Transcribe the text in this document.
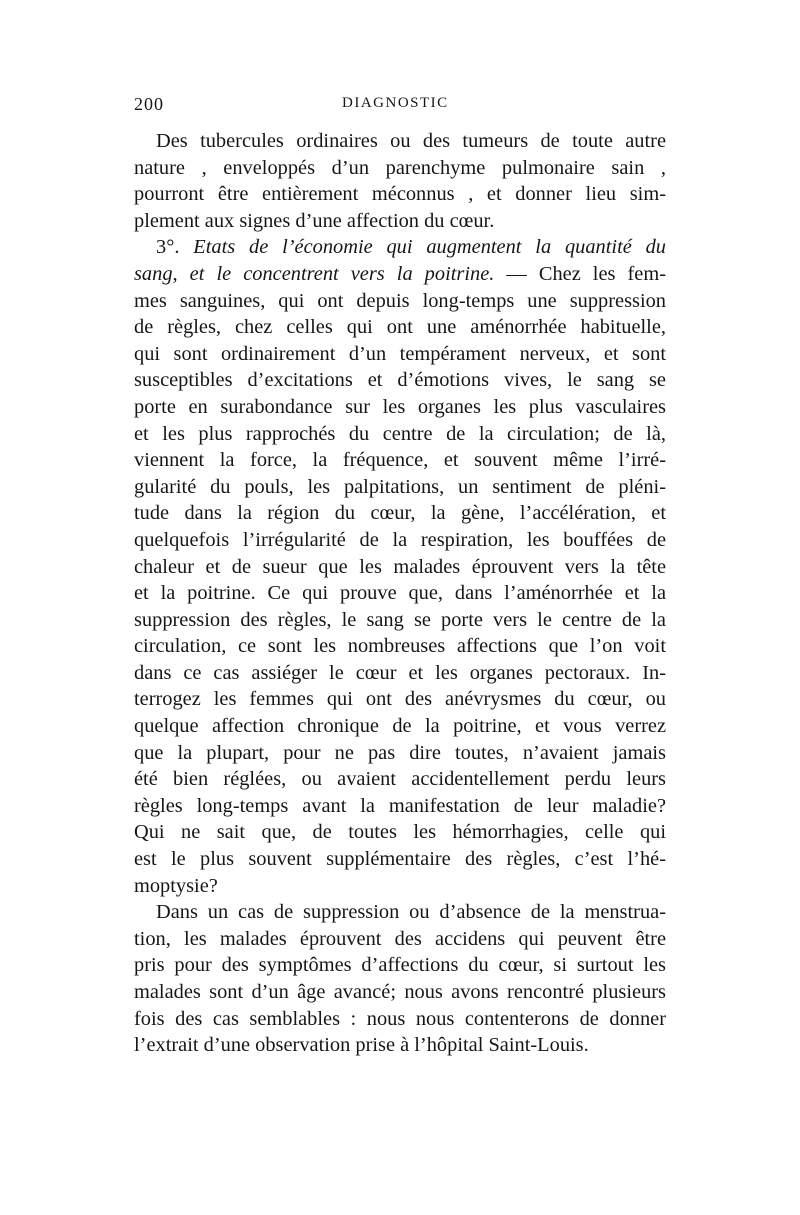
200	DIAGNOSTIC
Des tubercules ordinaires ou des tumeurs de toute autre
nature , enveloppés d’un parenchyme pulmonaire sain ,
pourront être entièrement méconnus , et donner lieu sim-
plement aux signes d’une affection du cœur.
3°. Etats de l’économie qui augmentent la quantité du
sang, et le concentrent vers la poitrine. — Chez les fem-
mes sanguines, qui ont depuis long-temps une suppression
de règles, chez celles qui ont une aménorrhée habituelle,
qui sont ordinairement d’un tempérament nerveux, et sont
susceptibles d’excitations et d’émotions vives, le sang se
porte en surabondance sur les organes les plus vasculaires
et les plus rapprochés du centre de la circulation; de là,
viennent la force, la fréquence, et souvent même l’irré-
gularité du pouls, les palpitations, un sentiment de pléni-
tude dans la région du cœur, la gène, l’accélération, et
quelquefois l’irrégularité de la respiration, les bouffées de
chaleur et de sueur que les malades éprouvent vers la tête
et la poitrine. Ce qui prouve que, dans l’aménorrhée et la
suppression des règles, le sang se porte vers le centre de la
circulation, ce sont les nombreuses affections que l’on voit
dans ce cas assiéger le cœur et les organes pectoraux. In-
terrogez les femmes qui ont des anévrysmes du cœur, ou
quelque affection chronique de la poitrine, et vous verrez
que la plupart, pour ne pas dire toutes, n’avaient jamais
été bien réglées, ou avaient accidentellement perdu leurs
règles long-temps avant la manifestation de leur maladie?
Qui ne sait que, de toutes les hémorrhagies, celle qui
est le plus souvent supplémentaire des règles, c’est l’hé-
moptysie?
Dans un cas de suppression ou d’absence de la menstrua-
tion, les malades éprouvent des accidens qui peuvent être
pris pour des symptômes d’affections du cœur, si surtout les
malades sont d’un âge avancé; nous avons rencontré plusieurs
fois des cas semblables : nous nous contenterons de donner
l’extrait d’une observation prise à l’hôpital Saint-Louis.
